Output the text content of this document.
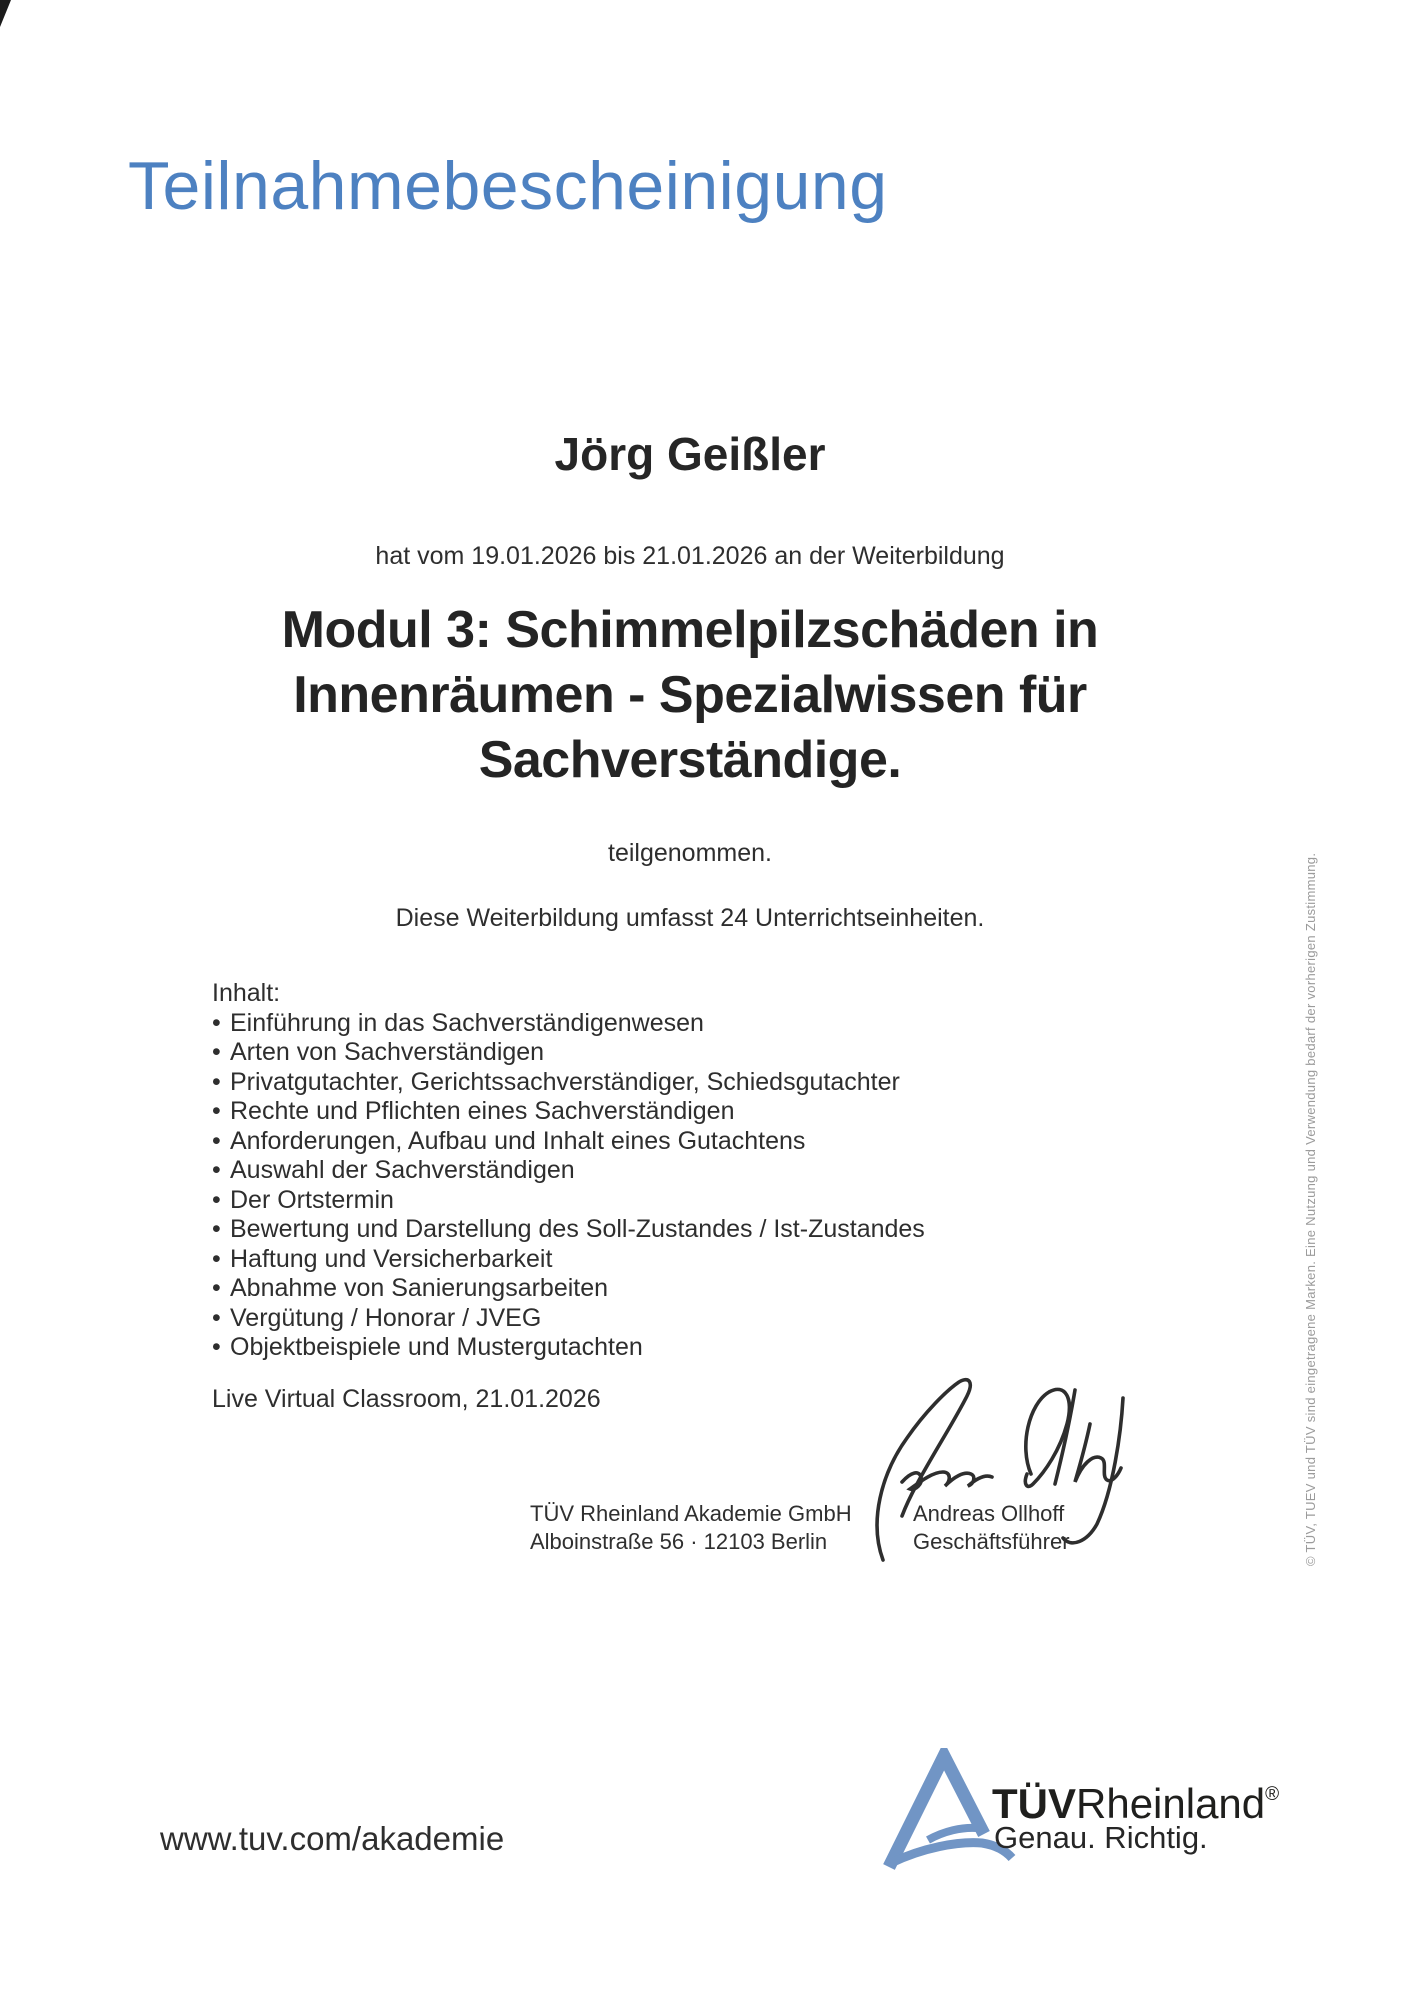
Teilnahmebescheinigung
Jörg Geißler
hat vom 19.01.2026 bis 21.01.2026 an der Weiterbildung
Modul 3: Schimmelpilzschäden in
Innenräumen - Spezialwissen für
Sachverständige.
teilgenommen.
Diese Weiterbildung umfasst 24 Unterrichtseinheiten.
Inhalt:
• Einführung in das Sachverständigenwesen
• Arten von Sachverständigen
• Privatgutachter, Gerichtssachverständiger, Schiedsgutachter
• Rechte und Pflichten eines Sachverständigen
• Anforderungen, Aufbau und Inhalt eines Gutachtens
• Auswahl der Sachverständigen
• Der Ortstermin
• Bewertung und Darstellung des Soll-Zustandes / Ist-Zustandes
• Haftung und Versicherbarkeit
• Abnahme von Sanierungsarbeiten
• Vergütung / Honorar / JVEG
• Objektbeispiele und Mustergutachten
Live Virtual Classroom, 21.01.2026
TÜV Rheinland Akademie GmbH
Alboinstraße 56 · 12103 Berlin
Andreas Ollhoff
Geschäftsführer
TÜVRheinland®
Genau. Richtig.
www.tuv.com/akademie
© TÜV, TUEV und TÜV sind eingetragene Marken. Eine Nutzung und Verwendung bedarf der vorherigen Zustimmung.
